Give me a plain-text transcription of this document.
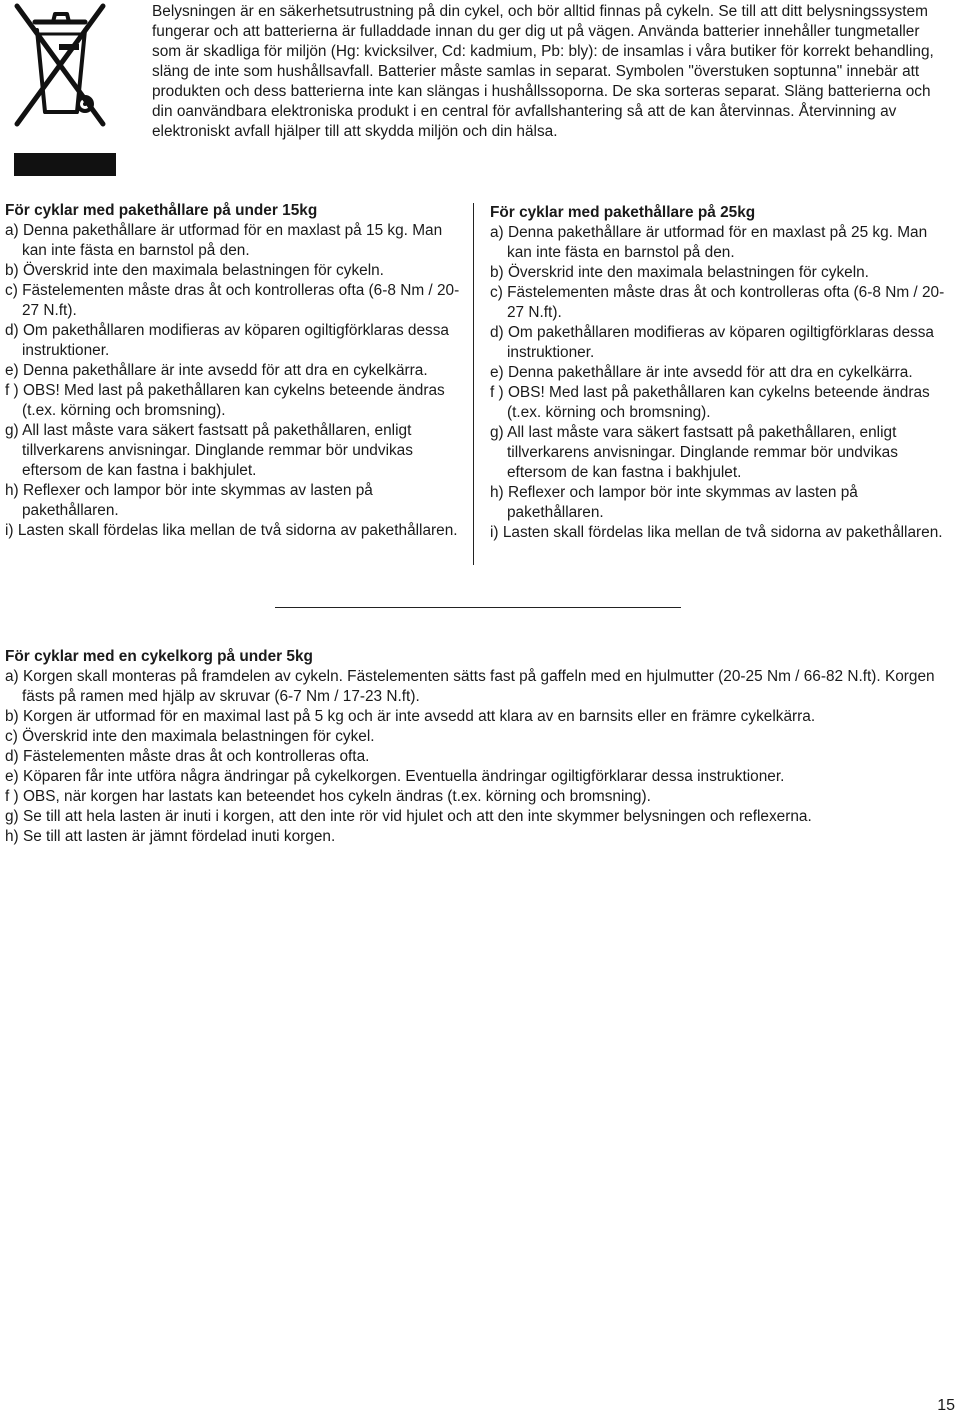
Belysningen är en säkerhetsutrustning på din cykel, och bör alltid finnas på cykeln. Se till att ditt belysningssystem fungerar och att batterierna är fulladdade innan du ger dig ut på vägen. Använda batterier innehåller tungmetaller som är skadliga för miljön (Hg: kvicksilver, Cd: kadmium, Pb: bly): de insamlas i våra butiker för korrekt behandling, släng de inte som hushållsavfall. Batterier måste samlas in separat. Symbolen "överstuken soptunna" innebär att produkten och dess batterierna inte kan slängas i hushållssoporna. De ska sorteras separat. Släng batterierna och din oanvändbara elektroniska produkt i en central för avfallshantering så att de kan återvinnas. Återvinning av elektroniskt avfall hjälper till att skydda miljön och din hälsa.

För cyklar med pakethållare på under 15kg

a) Denna pakethållare är utformad för en maxlast på 15 kg. Man kan inte fästa en barnstol på den.
b) Överskrid inte den maximala belastningen för cykeln.
c) Fästelementen måste dras åt och kontrolleras ofta (6-8 Nm / 20-27 N.ft).
d) Om pakethållaren modifieras av köparen ogiltigförklaras dessa instruktioner.
e) Denna pakethållare är inte avsedd för att dra en cykelkärra.
f ) OBS! Med last på pakethållaren kan cykelns beteende ändras (t.ex. körning och bromsning).
g) All last måste vara säkert fastsatt på pakethållaren, enligt tillverkarens anvisningar. Dinglande remmar bör undvikas eftersom de kan fastna i bakhjulet.
h) Reflexer och lampor bör inte skymmas av lasten på pakethållaren.
i) Lasten skall fördelas lika mellan de två sidorna av pakethållaren.

För cyklar med pakethållare på 25kg

a) Denna pakethållare är utformad för en maxlast på 25 kg. Man kan inte fästa en barnstol på den.
b) Överskrid inte den maximala belastningen för cykeln.
c) Fästelementen måste dras åt och kontrolleras ofta (6-8 Nm / 20-27 N.ft).
d) Om pakethållaren modifieras av köparen ogiltigförklaras dessa instruktioner.
e) Denna pakethållare är inte avsedd för att dra en cykelkärra.
f ) OBS! Med last på pakethållaren kan cykelns beteende ändras (t.ex. körning och bromsning).
g) All last måste vara säkert fastsatt på pakethållaren, enligt tillverkarens anvisningar. Dinglande remmar bör undvikas eftersom de kan fastna i bakhjulet.
h) Reflexer och lampor bör inte skymmas av lasten på pakethållaren.
i) Lasten skall fördelas lika mellan de två sidorna av pakethållaren.

För cyklar med en cykelkorg på under 5kg

a) Korgen skall monteras på framdelen av cykeln. Fästelementen sätts fast på gaffeln med en hjulmutter (20-25 Nm / 66-82 N.ft). Korgen fästs på ramen med hjälp av skruvar (6-7 Nm / 17-23 N.ft).
b) Korgen är utformad för en maximal last på 5 kg och är inte avsedd att klara av en barnsits eller en främre cykelkärra.
c) Överskrid inte den maximala belastningen för cykel.
d) Fästelementen måste dras åt och kontrolleras ofta.
e) Köparen får inte utföra några ändringar på cykelkorgen. Eventuella ändringar ogiltigförklarar dessa instruktioner.
f ) OBS, när korgen har lastats kan beteendet hos cykeln ändras (t.ex. körning och bromsning).
g) Se till att hela lasten är inuti i korgen, att den inte rör vid hjulet och att den inte skymmer belysningen och reflexerna.
h) Se till att lasten är jämnt fördelad inuti korgen.
15
